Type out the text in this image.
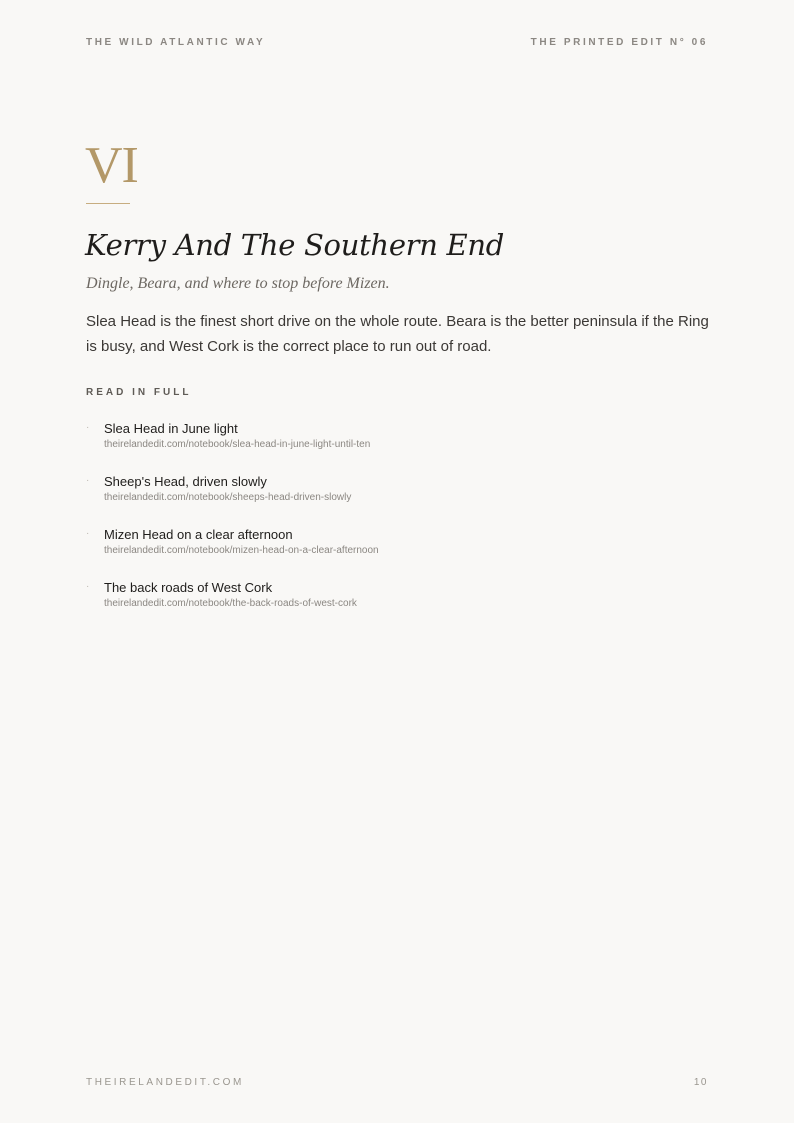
THE WILD ATLANTIC WAY	THE PRINTED EDIT N° 06
VI
Kerry And The Southern End

Dingle, Beara, and where to stop before Mizen.

Slea Head is the finest short drive on the whole route. Beara is the better peninsula if the Ring is busy, and West Cork is the correct place to run out of road.

READ IN FULL
· Slea Head in June light
theirelandedit.com/notebook/slea-head-in-june-light-until-ten
· Sheep's Head, driven slowly
theirelandedit.com/notebook/sheeps-head-driven-slowly
· Mizen Head on a clear afternoon
theirelandedit.com/notebook/mizen-head-on-a-clear-afternoon
· The back roads of West Cork
theirelandedit.com/notebook/the-back-roads-of-west-cork
THEIRELANDEDIT.COM	10
